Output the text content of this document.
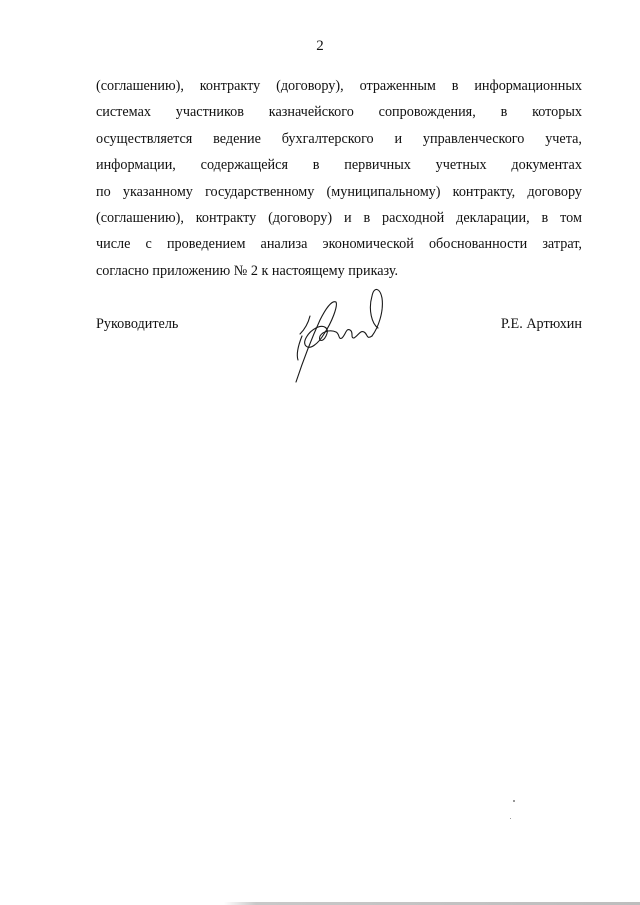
2
(соглашению), контракту (договору), отраженным в информационных
системах участников казначейского сопровождения, в которых
осуществляется ведение бухгалтерского и управленческого учета,
информации, содержащейся в первичных учетных документах
по указанному государственному (муниципальному) контракту, договору
(соглашению), контракту (договору) и в расходной декларации, в том
числе с проведением анализа экономической обоснованности затрат,
согласно приложению № 2 к настоящему приказу.
Руководитель	Р.Е. Артюхин
